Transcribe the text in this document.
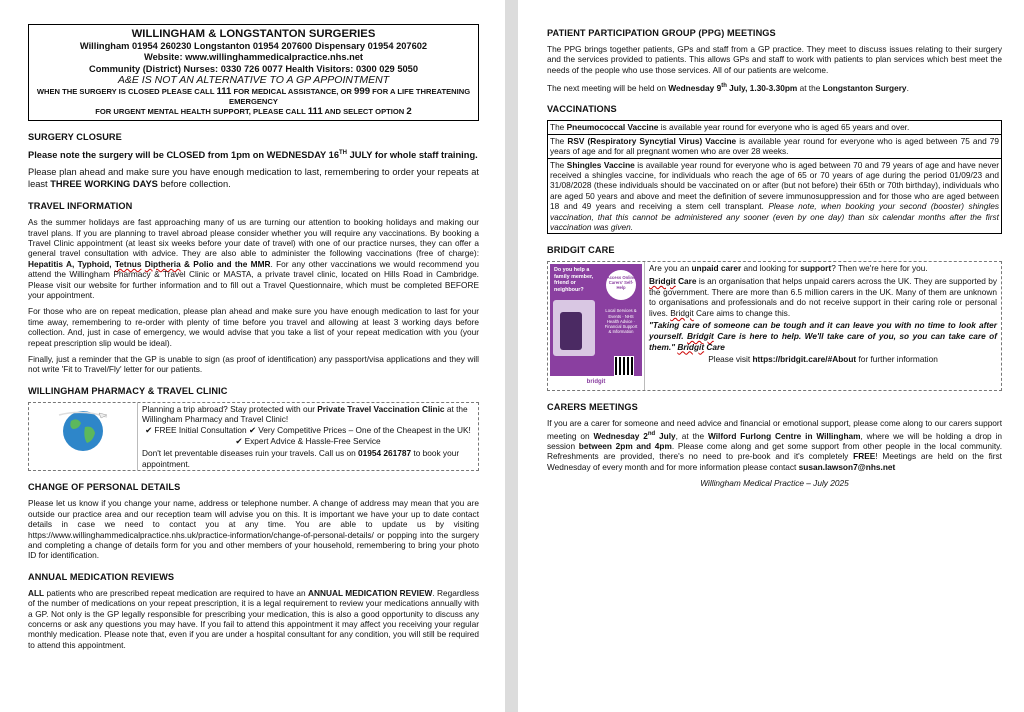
WILLINGHAM & LONGSTANTON SURGERIES
Willingham 01954 260230 Longstanton 01954 207600 Dispensary 01954 207602
Website: www.willinghammedicalpractice.nhs.net
Community (District) Nurses: 0330 726 0077 Health Visitors: 0300 029 5050
A&E IS NOT AN ALTERNATIVE TO A GP APPOINTMENT
WHEN THE SURGERY IS CLOSED PLEASE CALL 111 FOR MEDICAL ASSISTANCE, OR 999 FOR A LIFE THREATENING EMERGENCY
FOR URGENT MENTAL HEALTH SUPPORT, PLEASE CALL 111 AND SELECT OPTION 2
SURGERY CLOSURE

Please note the surgery will be CLOSED from 1pm on WEDNESDAY 16TH JULY for whole staff training.

Please plan ahead and make sure you have enough medication to last, remembering to order your repeats at least THREE WORKING DAYS before collection.

TRAVEL INFORMATION

As the summer holidays are fast approaching many of us are turning our attention to booking holidays and making our travel plans. If you are planning to travel abroad please consider whether you will require any vaccinations. By booking a Travel Clinic appointment (at least six weeks before your date of travel) with one of our practice nurses, they can offer a general travel consultation with advice. They are also able to administer the following vaccinations (free of charge): Hepatitis A, Typhoid, Tetnus Diptheria & Polio and the MMR. For any other vaccinations we would recommend you attend the Willingham Pharmacy & Travel Clinic or MASTA, a private travel clinic, located on Hills Road in Cambridge. Please visit our website for further information and to fill out a Travel Questionnaire, which must be completed BEFORE your appointment.

For those who are on repeat medication, please plan ahead and make sure you have enough medication to last for your time away, remembering to re-order with plenty of time before you travel and allowing at least 3 working days before collection. And, just in case of emergency, we would advise that you take a list of your repeat medication with you (your repeat prescription slip would be ideal).

Finally, just a reminder that the GP is unable to sign (as proof of identification) any passport/visa applications and they will not write 'Fit to Travel/Fly' letter for our patients.

WILLINGHAM PHARMACY & TRAVEL CLINIC
Planning a trip abroad? Stay protected with our Private Travel Vaccination Clinic at the Willingham Pharmacy and Travel Clinic!
✔ FREE Initial Consultation ✔ Very Competitive Prices – One of the Cheapest in the UK!
✔ Expert Advice & Hassle-Free Service
Don't let preventable diseases ruin your travels. Call us on 01954 261787 to book your appointment.
CHANGE OF PERSONAL DETAILS

Please let us know if you change your name, address or telephone number. A change of address may mean that you are outside our practice area and our reception team will advise you on this. It is important we have your up to date contact details in case we need to contact you at any time. You are able to update us by visiting https://www.willinghammedicalpractice.nhs.uk/practice-information/change-of-personal-details/ or popping into the surgery and completing a change of details form for you and other members of your household, remembering to bring your photo ID for identification.

ANNUAL MEDICATION REVIEWS

ALL patients who are prescribed repeat medication are required to have an ANNUAL MEDICATION REVIEW. Regardless of the number of medications on your repeat prescription, it is a legal requirement to review your medications annually with a GP. Not only is the GP legally responsible for prescribing your medication, this is also a good opportunity to discuss any concerns or ask any questions you may have. If you fail to attend this appointment it may affect you receiving your regular monthly medication. Please note that, even if you are under a hospital consultant for any condition, you will still be required to attend this appointment.

PATIENT PARTICIPATION GROUP (PPG) MEETINGS

The PPG brings together patients, GPs and staff from a GP practice. They meet to discuss issues relating to their surgery and the services provided to patients. This allows GPs and staff to work with patients to plan services which best meet the needs of the people who use those services. All of our patients are welcome.

The next meeting will be held on Wednesday 9th July, 1.30-3.30pm at the Longstanton Surgery.

VACCINATIONS
The Pneumococcal Vaccine is available year round for everyone who is aged 65 years and over.
The RSV (Respiratory Syncytial Virus) Vaccine is available year round for everyone who is aged between 75 and 79 years of age and for all pregnant women who are over 28 weeks.
The Shingles Vaccine is available year round for everyone who is aged between 70 and 79 years of age and have never received a shingles vaccine, for individuals who reach the age of 65 or 70 years of age during the period 01/09/23 and 31/08/2028 (these individuals should be vaccinated on or after (but not before) their 65th or 70th birthday), individuals who are aged 50 years and above and meet the definition of severe immunosuppression and for those who are aged between 18 and 49 years and receiving a stem cell transplant. Please note, when booking your second (booster) shingles vaccination, that this cannot be administered any sooner (even by one day) than six calendar months after the first vaccination was given.
BRIDGIT CARE
Do you help a family member, friend or neighbour?
Access Online Carers' Self-Help
Local Services & Events · NHS Health Advice · Financial Support & Information
bridgit

Are you an unpaid carer and looking for support? Then we're here for you.

Bridgit Care is an organisation that helps unpaid carers across the UK. They are supported by the government. There are more than 6.5 million carers in the UK. Many of them are unknown to organisations and professionals and do not receive support in their caring role or personal lives. Bridgit Care aims to change this.

"Taking care of someone can be tough and it can leave you with no time to look after yourself. Bridgit Care is here to help. We'll take care of you, so you can take care of them." Bridgit Care

Please visit https://bridgit.care/#About for further information

CARERS MEETINGS

If you are a carer for someone and need advice and financial or emotional support, please come along to our carers support meeting on Wednesday 2nd July, at the Wilford Furlong Centre in Willingham, where we will be holding a drop in session between 2pm and 4pm. Please come along and get some support from other people in the local community. Refreshments are provided, there's no need to pre-book and it's completely FREE! Meetings are held on the first Wednesday of every month and for more information please contact susan.lawson7@nhs.net

Willingham Medical Practice – July 2025
